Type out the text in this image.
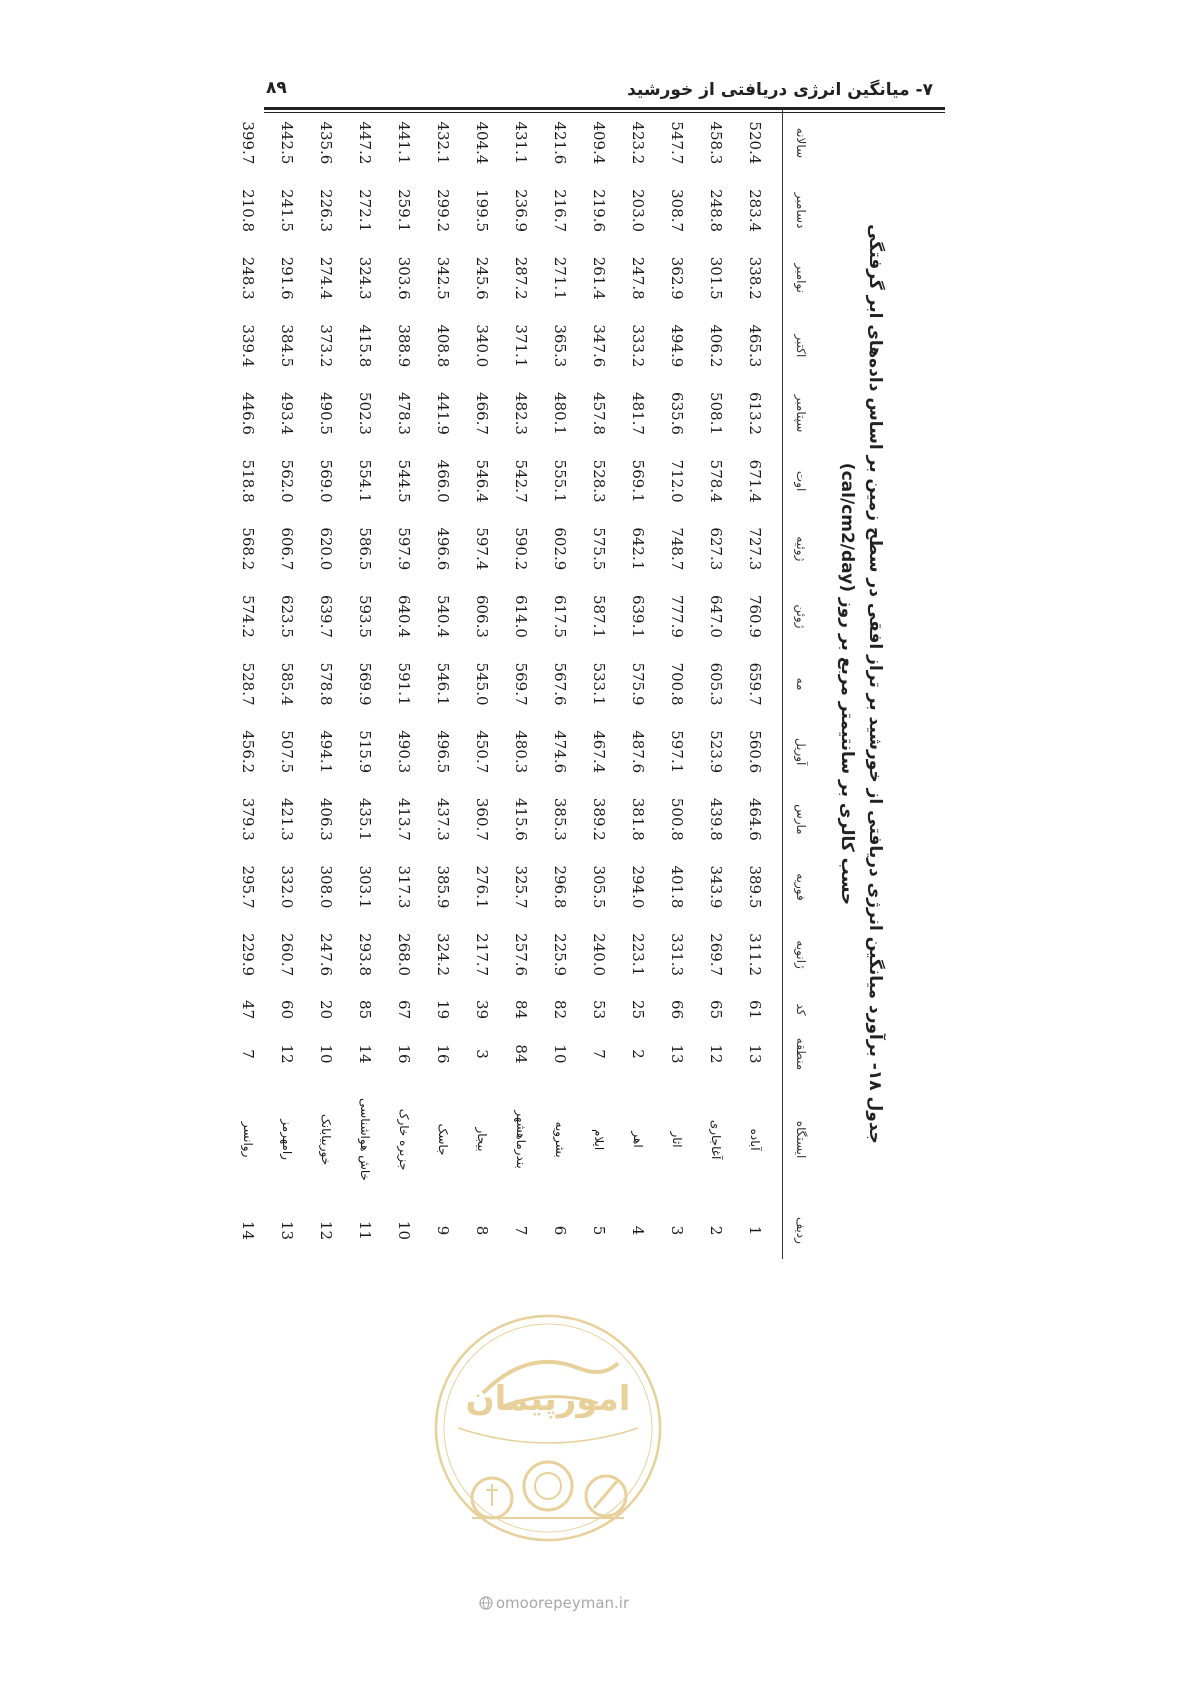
۷- میانگین انرژی دریافتی از خورشید
۸۹
جدول ۱۸- برآورد میانگین انرژی دریافتی از خورشید بر تراز افقی در سطح زمین بر اساس داده‌های ابر گرفتگی
حسب کالری بر سانتیمتر مربع بر روز (cal/cm2/day)
ردیف	ایستگاه	منطقه	کد	ژانویه	فوریه	مارس	آوریل	مه	ژوئن	ژوئیه	اوت	سپتامبر	اکتبر	نوامبر	دسامبر	سالانه
1	آباده	13	61	311.2	389.5	464.6	560.6	659.7	760.9	727.3	671.4	613.2	465.3	338.2	283.4	520.4
2	آغاجاری	12	65	269.7	343.9	439.8	523.9	605.3	647.0	627.3	578.4	508.1	406.2	301.5	248.8	458.3
3	اثار	13	66	331.3	401.8	500.8	597.1	700.8	777.9	748.7	712.0	635.6	494.9	362.9	308.7	547.7
4	اهر	2	25	223.1	294.0	381.8	487.6	575.9	639.1	642.1	569.1	481.7	333.2	247.8	203.0	423.2
5	ایلام	7	53	240.0	305.5	389.2	467.4	533.1	587.1	575.5	528.3	457.8	347.6	261.4	219.6	409.4
6	بشرویه	10	82	225.9	296.8	385.3	474.6	567.6	617.5	602.9	555.1	480.1	365.3	271.1	216.7	421.6
7	بندرماهشهر	84	84	257.6	325.7	415.6	480.3	569.7	614.0	590.2	542.7	482.3	371.1	287.2	236.9	431.1
8	بیجار	3	39	217.7	276.1	360.7	450.7	545.0	606.3	597.4	546.4	466.7	340.0	245.6	199.5	404.4
9	جاسک	16	19	324.2	385.9	437.3	496.5	546.1	540.4	496.6	466.0	441.9	408.8	342.5	299.2	432.1
10	جزیره خارک	16	67	268.0	317.3	413.7	490.3	591.1	640.4	597.9	544.5	478.3	388.9	303.6	259.1	441.1
11	خاش هواشناسی	14	85	293.8	303.1	435.1	515.9	569.9	593.5	586.5	554.1	502.3	415.8	324.3	272.1	447.2
12	خوربیابانک	10	20	247.6	308.0	406.3	494.1	578.8	639.7	620.0	569.0	490.5	373.2	274.4	226.3	435.6
13	رامهرمز	12	60	260.7	332.0	421.3	507.5	585.4	623.5	606.7	562.0	493.4	384.5	291.6	241.5	442.5
14	روانسر	7	47	229.9	295.7	379.3	456.2	528.7	574.2	568.2	518.8	446.6	339.4	248.3	210.8	399.7
امورپیمان
omoorepeyman.ir
